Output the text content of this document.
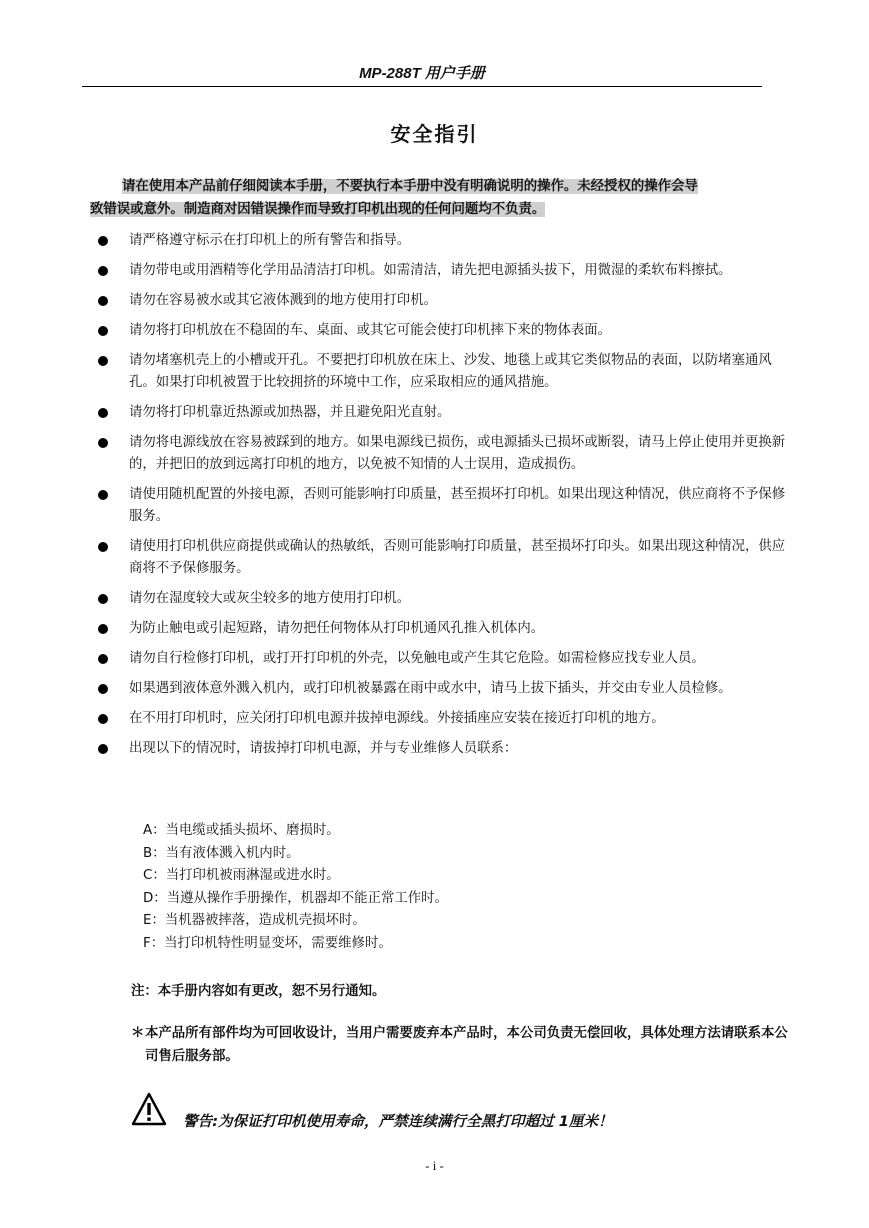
MP-288T 用户手册
安全指引
请在使用本产品前仔细阅读本手册，不要执行本手册中没有明确说明的操作。未经授权的操作会导
致错误或意外。制造商对因错误操作而导致打印机出现的任何问题均不负责。
请严格遵守标示在打印机上的所有警告和指导。
请勿带电或用酒精等化学用品清洁打印机。如需清洁，请先把电源插头拔下，用微湿的柔软布料擦拭。
请勿在容易被水或其它液体溅到的地方使用打印机。
请勿将打印机放在不稳固的车、桌面、或其它可能会使打印机摔下来的物体表面。
请勿堵塞机壳上的小槽或开孔。不要把打印机放在床上、沙发、地毯上或其它类似物品的表面，以防堵塞通风孔。如果打印机被置于比较拥挤的环境中工作，应采取相应的通风措施。
请勿将打印机靠近热源或加热器，并且避免阳光直射。
请勿将电源线放在容易被踩到的地方。如果电源线已损伤，或电源插头已损坏或断裂，请马上停止使用并更换新的，并把旧的放到远离打印机的地方，以免被不知情的人士误用，造成损伤。
请使用随机配置的外接电源，否则可能影响打印质量，甚至损坏打印机。如果出现这种情况，供应商将不予保修服务。
请使用打印机供应商提供或确认的热敏纸，否则可能影响打印质量，甚至损坏打印头。如果出现这种情况，供应商将不予保修服务。
请勿在湿度较大或灰尘较多的地方使用打印机。
为防止触电或引起短路，请勿把任何物体从打印机通风孔推入机体内。
请勿自行检修打印机，或打开打印机的外壳，以免触电或产生其它危险。如需检修应找专业人员。
如果遇到液体意外溅入机内，或打印机被暴露在雨中或水中，请马上拔下插头，并交由专业人员检修。
在不用打印机时，应关闭打印机电源并拔掉电源线。外接插座应安装在接近打印机的地方。
出现以下的情况时，请拔掉打印机电源，并与专业维修人员联系：
A：当电缆或插头损坏、磨损时。
B：当有液体溅入机内时。
C：当打印机被雨淋湿或进水时。
D：当遵从操作手册操作，机器却不能正常工作时。
E：当机器被摔落，造成机壳损坏时。
F：当打印机特性明显变坏，需要维修时。
注：本手册内容如有更改，恕不另行通知。
＊ 本产品所有部件均为可回收设计，当用户需要废弃本产品时，本公司负责无偿回收，具体处理方法请联系本公司售后服务部。
警告:为保证打印机使用寿命，严禁连续满行全黑打印超过 1厘米！
- i -
